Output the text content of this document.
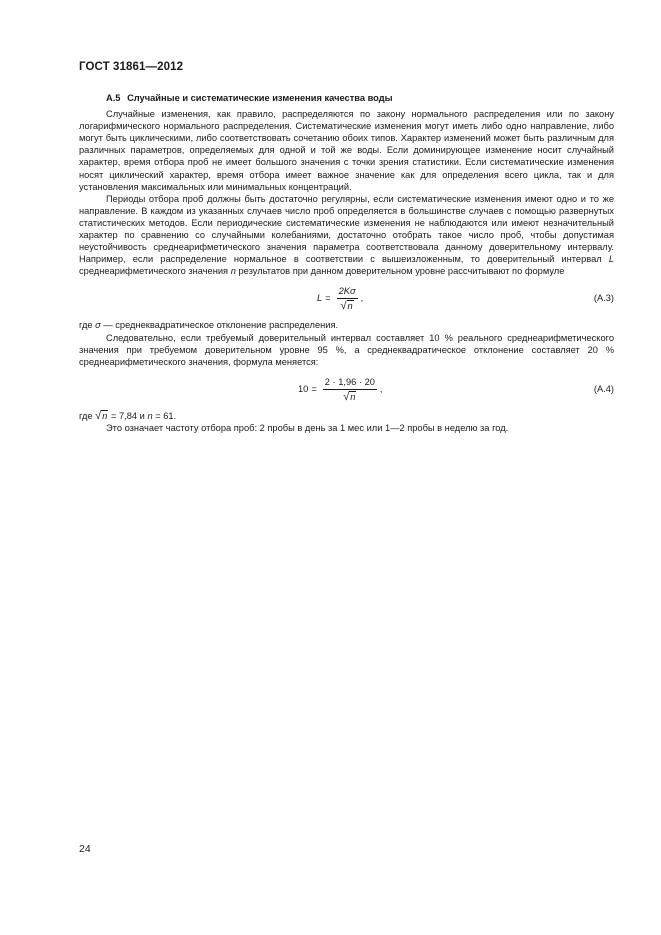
ГОСТ 31861—2012
А.5 Случайные и систематические изменения качества воды

Случайные изменения, как правило, распределяются по закону нормального распределения или по закону логарифмического нормального распределения. Систематические изменения могут иметь либо одно направление, либо могут быть циклическими, либо соответствовать сочетанию обоих типов. Характер изменений может быть различным для различных параметров, определяемых для одной и той же воды. Если доминирующее изменение носит случайный характер, время отбора проб не имеет большого значения с точки зрения статистики. Если систематические изменения носят циклический характер, время отбора имеет важное значение как для определения всего цикла, так и для установления максимальных или минимальных концентраций.

Периоды отбора проб должны быть достаточно регулярны, если систематические изменения имеют одно и то же направление. В каждом из указанных случаев число проб определяется в большинстве случаев с помощью развернутых статистических методов. Если периодические систематические изменения не наблюдаются или имеют незначительный характер по сравнению со случайными колебаниями, достаточно отобрать такое число проб, чтобы допустимая неустойчивость среднеарифметического значения параметра соответствовала данному доверительному интервалу. Например, если распределение нормальное в соответствии с вышеизложенным, то доверительный интервал L среднеарифметического значения n результатов при данном доверительном уровне рассчитывают по формуле

$L = \frac{2K\sigma}{√ n}$ ,	(А.3)

где σ — среднеквадратическое отклонение распределения.

Следовательно, если требуемый доверительный интервал составляет 10 % реального среднеарифметического значения при требуемом доверительном уровне 95 %, а среднеквадратическое отклонение составляет 20 % среднеарифметического значения, формула меняется:

$10 = \frac{2 \cdot 1,96 \cdot 20}{√ n}$ ,	(А.4)

где √ n = 7,84 и n = 61.

Это означает частоту отбора проб: 2 пробы в день за 1 мес или 1—2 пробы в неделю за год.

24
